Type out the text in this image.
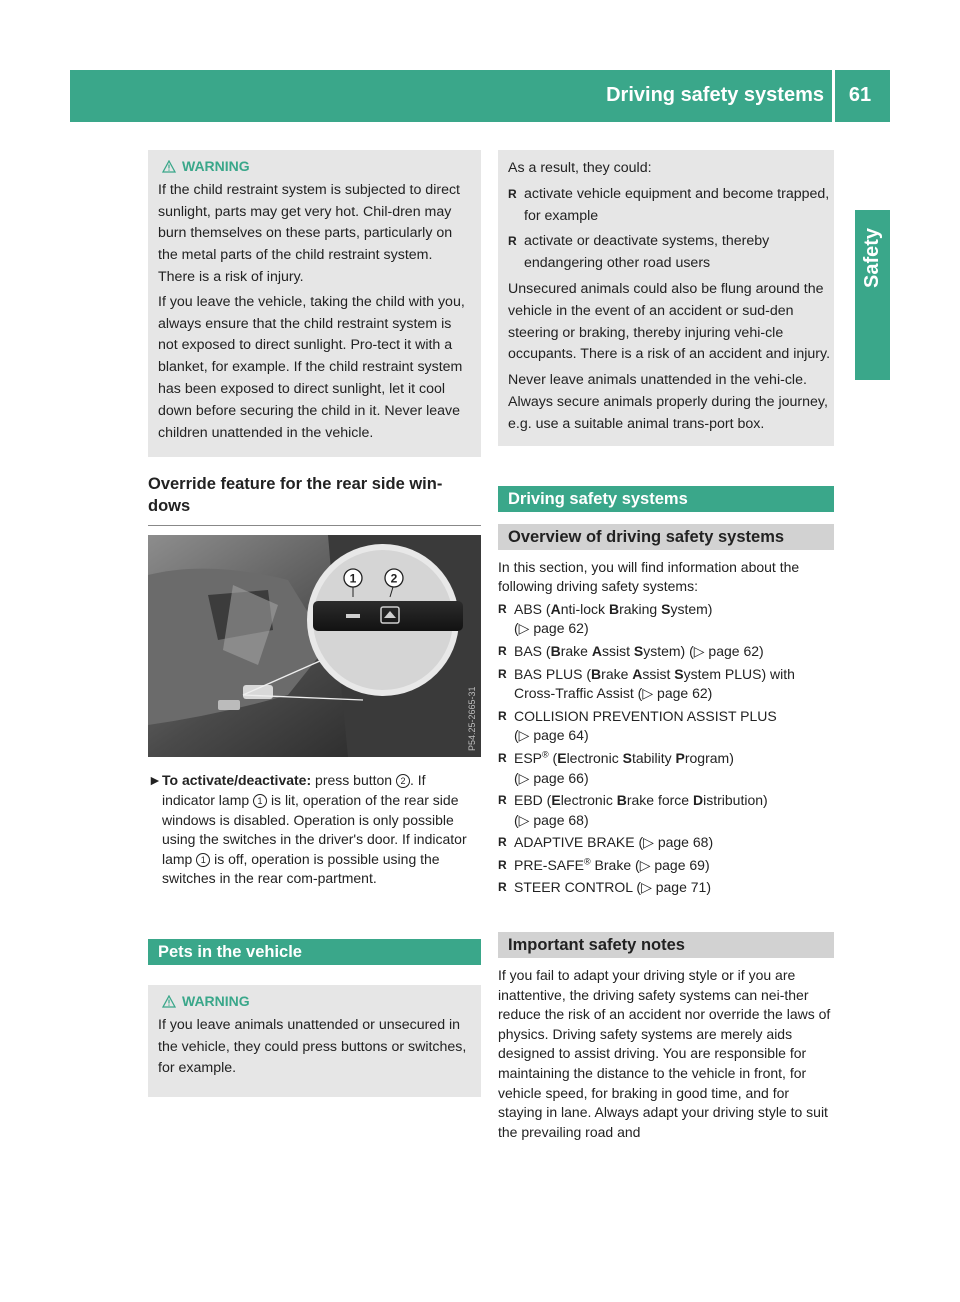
Driving safety systems	61
Safety
WARNING

If the child restraint system is subjected to direct sunlight, parts may get very hot. Chil-dren may burn themselves on these parts, particularly on the metal parts of the child restraint system. There is a risk of injury.

If you leave the vehicle, taking the child with you, always ensure that the child restraint system is not exposed to direct sunlight. Pro-tect it with a blanket, for example. If the child restraint system has been exposed to direct sunlight, let it cool down before securing the child in it. Never leave children unattended in the vehicle.

Override feature for the rear side win-dows
1	2
P54.25-2665-31
► To activate/deactivate: press button 2 . If indicator lamp 1 is lit, operation of the rear side windows is disabled. Operation is only possible using the switches in the driver's door. If indicator lamp 1 is off, operation is possible using the switches in the rear com-partment.
Pets in the vehicle
WARNING

If you leave animals unattended or unsecured in the vehicle, they could press buttons or switches, for example.

As a result, they could:

R activate vehicle equipment and become trapped, for example
R activate or deactivate systems, thereby endangering other road users

Unsecured animals could also be flung around the vehicle in the event of an accident or sud-den steering or braking, thereby injuring vehi-cle occupants. There is a risk of an accident and injury.

Never leave animals unattended in the vehi-cle. Always secure animals properly during the journey, e.g. use a suitable animal trans-port box.

Driving safety systems
Overview of driving safety systems

In this section, you will find information about the following driving safety systems:

R ABS (Anti-lock Braking System)
(▷ page 62)
R BAS (Brake Assist System) (▷ page 62)
R BAS PLUS (Brake Assist System PLUS) with Cross-Traffic Assist (▷ page 62)
R COLLISION PREVENTION ASSIST PLUS
(▷ page 64)
R ESP® (Electronic Stability Program)
(▷ page 66)
R EBD (Electronic Brake force Distribution)
(▷ page 68)
R ADAPTIVE BRAKE (▷ page 68)
R PRE-SAFE® Brake (▷ page 69)
R STEER CONTROL (▷ page 71)
Important safety notes

If you fail to adapt your driving style or if you are inattentive, the driving safety systems can nei-ther reduce the risk of an accident nor override the laws of physics. Driving safety systems are merely aids designed to assist driving. You are responsible for maintaining the distance to the vehicle in front, for vehicle speed, for braking in good time, and for staying in lane. Always adapt your driving style to suit the prevailing road and
